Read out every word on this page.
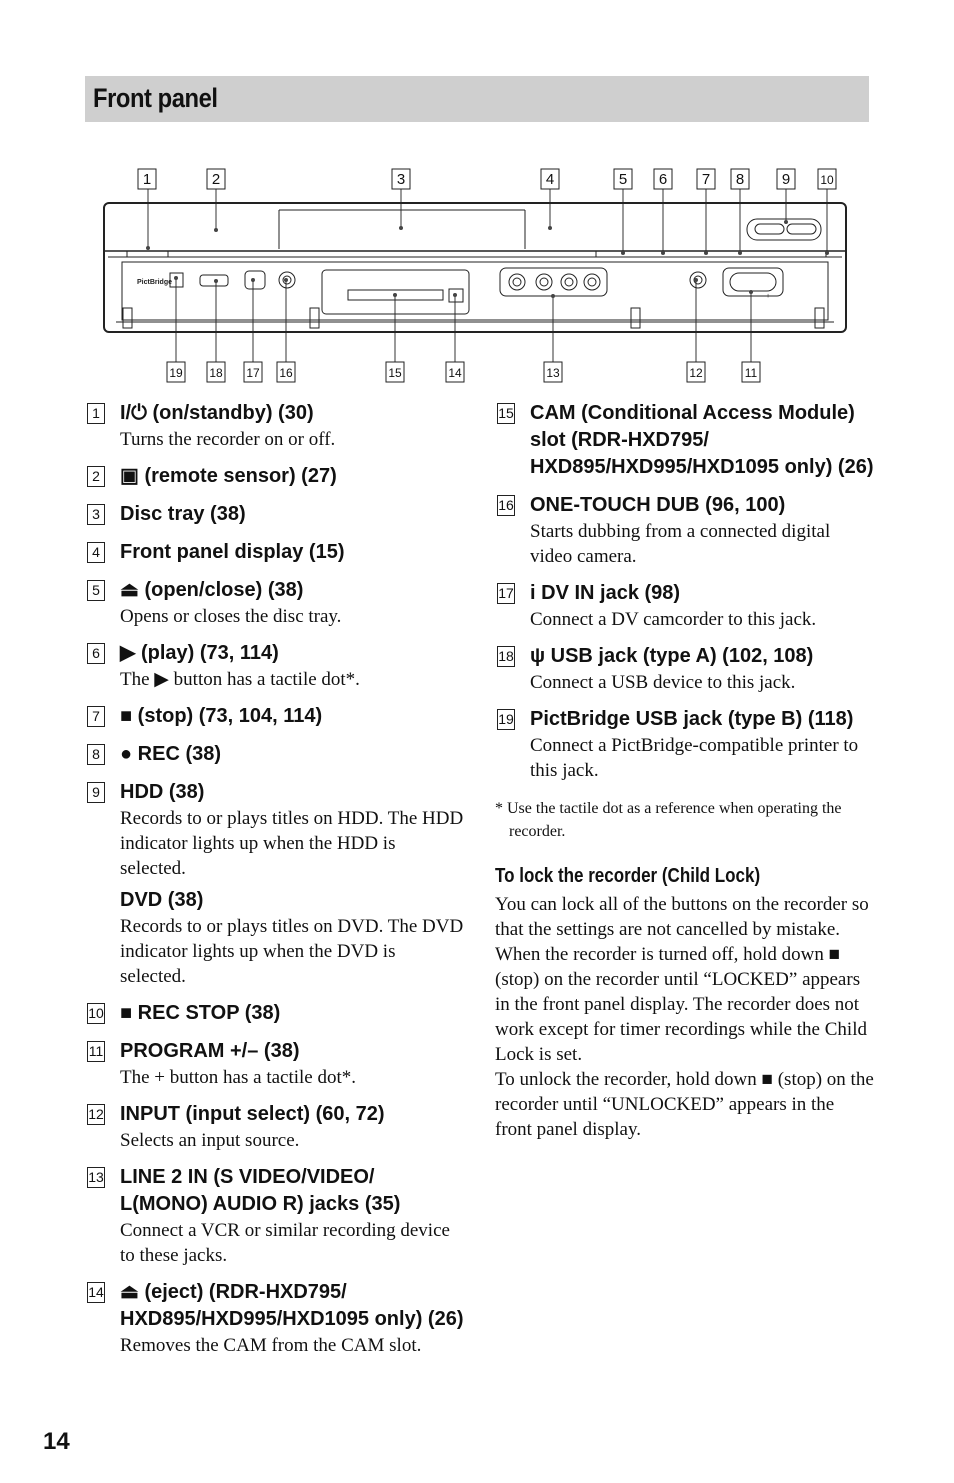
Front panel
1	2	3	4	5 6 7 8	9	10
19 18 17 16	15	14	13	12	11
PictBridge
–	+
1 I/⏻ (on/standby) (30)
Turns the recorder on or off.
2 ▣ (remote sensor) (27)
3 Disc tray (38)
4 Front panel display (15)
5 ⏏ (open/close) (38)
Opens or closes the disc tray.
6 ▶ (play) (73, 114)
The ▶ button has a tactile dot*.
7 ■ (stop) (73, 104, 114)
8 ● REC (38)
9 HDD (38)
Records to or plays titles on HDD. The HDD indicator lights up when the HDD is selected.
DVD (38)
Records to or plays titles on DVD. The DVD indicator lights up when the DVD is selected.
10 ■ REC STOP (38)
11 PROGRAM +/– (38)
The + button has a tactile dot*.
12 INPUT (input select) (60, 72)
Selects an input source.
13 LINE 2 IN (S VIDEO/VIDEO/ L(MONO) AUDIO R) jacks (35)
Connect a VCR or similar recording device to these jacks.
14 ⏏ (eject) (RDR-HXD795/ HXD895/HXD995/HXD1095 only) (26)
Removes the CAM from the CAM slot.
15 CAM (Conditional Access Module) slot (RDR-HXD795/ HXD895/HXD995/HXD1095 only) (26)
16 ONE-TOUCH DUB (96, 100)
Starts dubbing from a connected digital video camera.
17 i DV IN jack (98)
Connect a DV camcorder to this jack.
18 ψ USB jack (type A) (102, 108)
Connect a USB device to this jack.
19 PictBridge USB jack (type B) (118)
Connect a PictBridge-compatible printer to this jack.
* Use the tactile dot as a reference when operating the recorder.
To lock the recorder (Child Lock)
You can lock all of the buttons on the recorder so that the settings are not cancelled by mistake.
When the recorder is turned off, hold down ■ (stop) on the recorder until “LOCKED” appears in the front panel display. The recorder does not work except for timer recordings while the Child Lock is set.
To unlock the recorder, hold down ■ (stop) on the recorder until “UNLOCKED” appears in the front panel display.
14
